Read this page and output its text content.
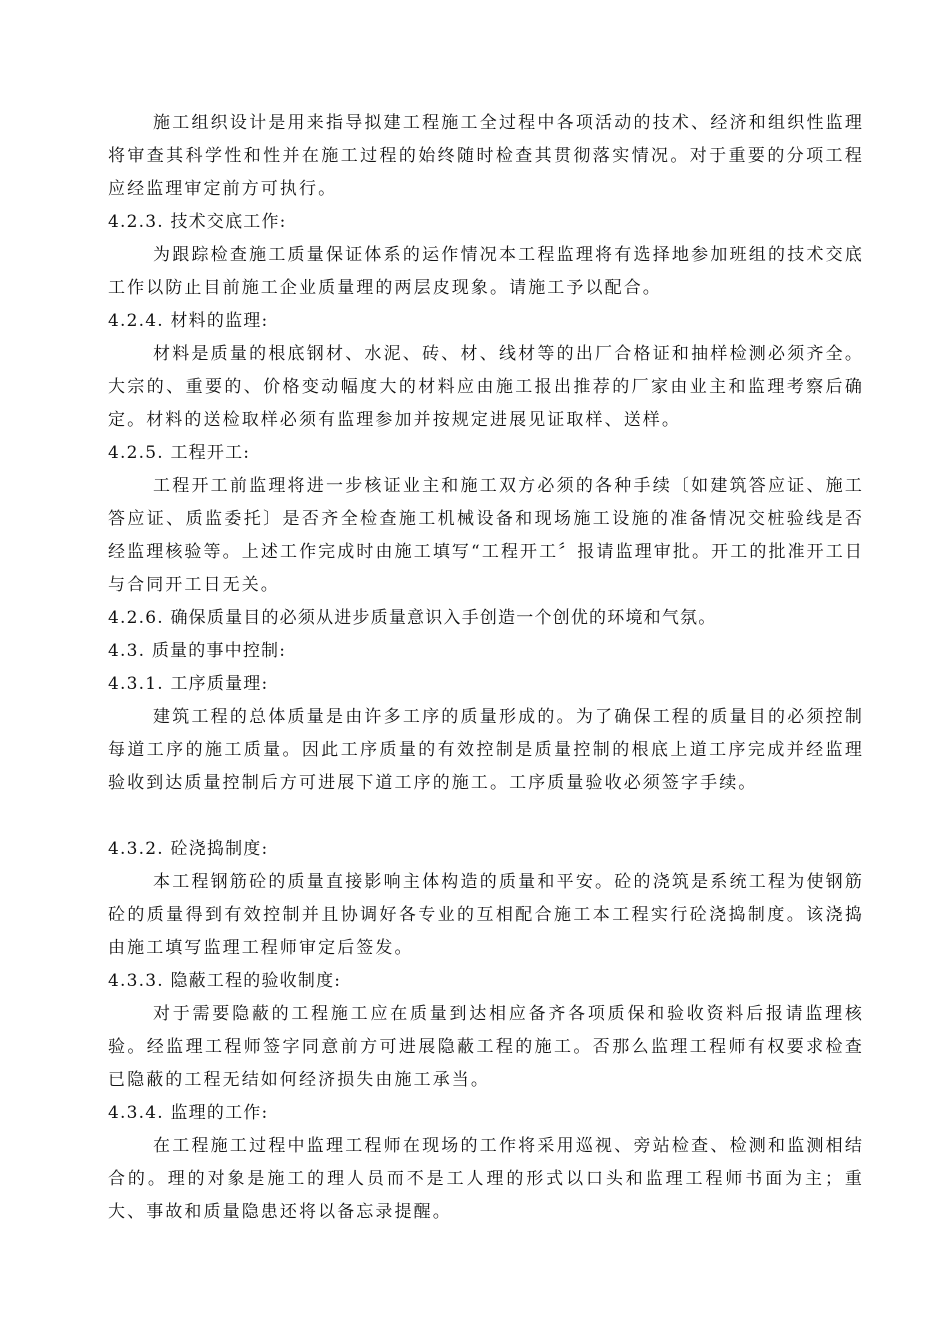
施工组织设计是用来指导拟建工程施工全过程中各项活动的技术、经济和组织性监理将审查其科学性和性并在施工过程的始终随时检查其贯彻落实情况。对于重要的分项工程应经监理审定前方可执行。

4.2.3. 技术交底工作:

为跟踪检查施工质量保证体系的运作情况本工程监理将有选择地参加班组的技术交底工作以防止目前施工企业质量理的两层皮现象。请施工予以配合。

4.2.4. 材料的监理:

材料是质量的根底钢材、水泥、砖、材、线材等的出厂合格证和抽样检测必须齐全。大宗的、重要的、价格变动幅度大的材料应由施工报出推荐的厂家由业主和监理考察后确定。材料的送检取样必须有监理参加并按规定进展见证取样、送样。

4.2.5. 工程开工:

工程开工前监理将进一步核证业主和施工双方必须的各种手续〔如建筑答应证、施工答应证、质监委托〕是否齐全检查施工机械设备和现场施工设施的准备情况交桩验线是否经监理核验等。上述工作完成时由施工填写“工程开工〞报请监理审批。开工的批准开工日与合同开工日无关。

4.2.6. 确保质量目的必须从进步质量意识入手创造一个创优的环境和气氛。

4.3. 质量的事中控制:

4.3.1. 工序质量理:

建筑工程的总体质量是由许多工序的质量形成的。为了确保工程的质量目的必须控制每道工序的施工质量。因此工序质量的有效控制是质量控制的根底上道工序完成并经监理验收到达质量控制后方可进展下道工序的施工。工序质量验收必须签字手续。

4.3.2. 砼浇捣制度:

本工程钢筋砼的质量直接影响主体构造的质量和平安。砼的浇筑是系统工程为使钢筋砼的质量得到有效控制并且协调好各专业的互相配合施工本工程实行砼浇捣制度。该浇捣由施工填写监理工程师审定后签发。

4.3.3. 隐蔽工程的验收制度:

对于需要隐蔽的工程施工应在质量到达相应备齐各项质保和验收资料后报请监理核验。经监理工程师签字同意前方可进展隐蔽工程的施工。否那么监理工程师有权要求检查已隐蔽的工程无结如何经济损失由施工承当。

4.3.4. 监理的工作:

在工程施工过程中监理工程师在现场的工作将采用巡视、旁站检查、检测和监测相结合的。理的对象是施工的理人员而不是工人理的形式以口头和监理工程师书面为主；重大、事故和质量隐患还将以备忘录提醒。
